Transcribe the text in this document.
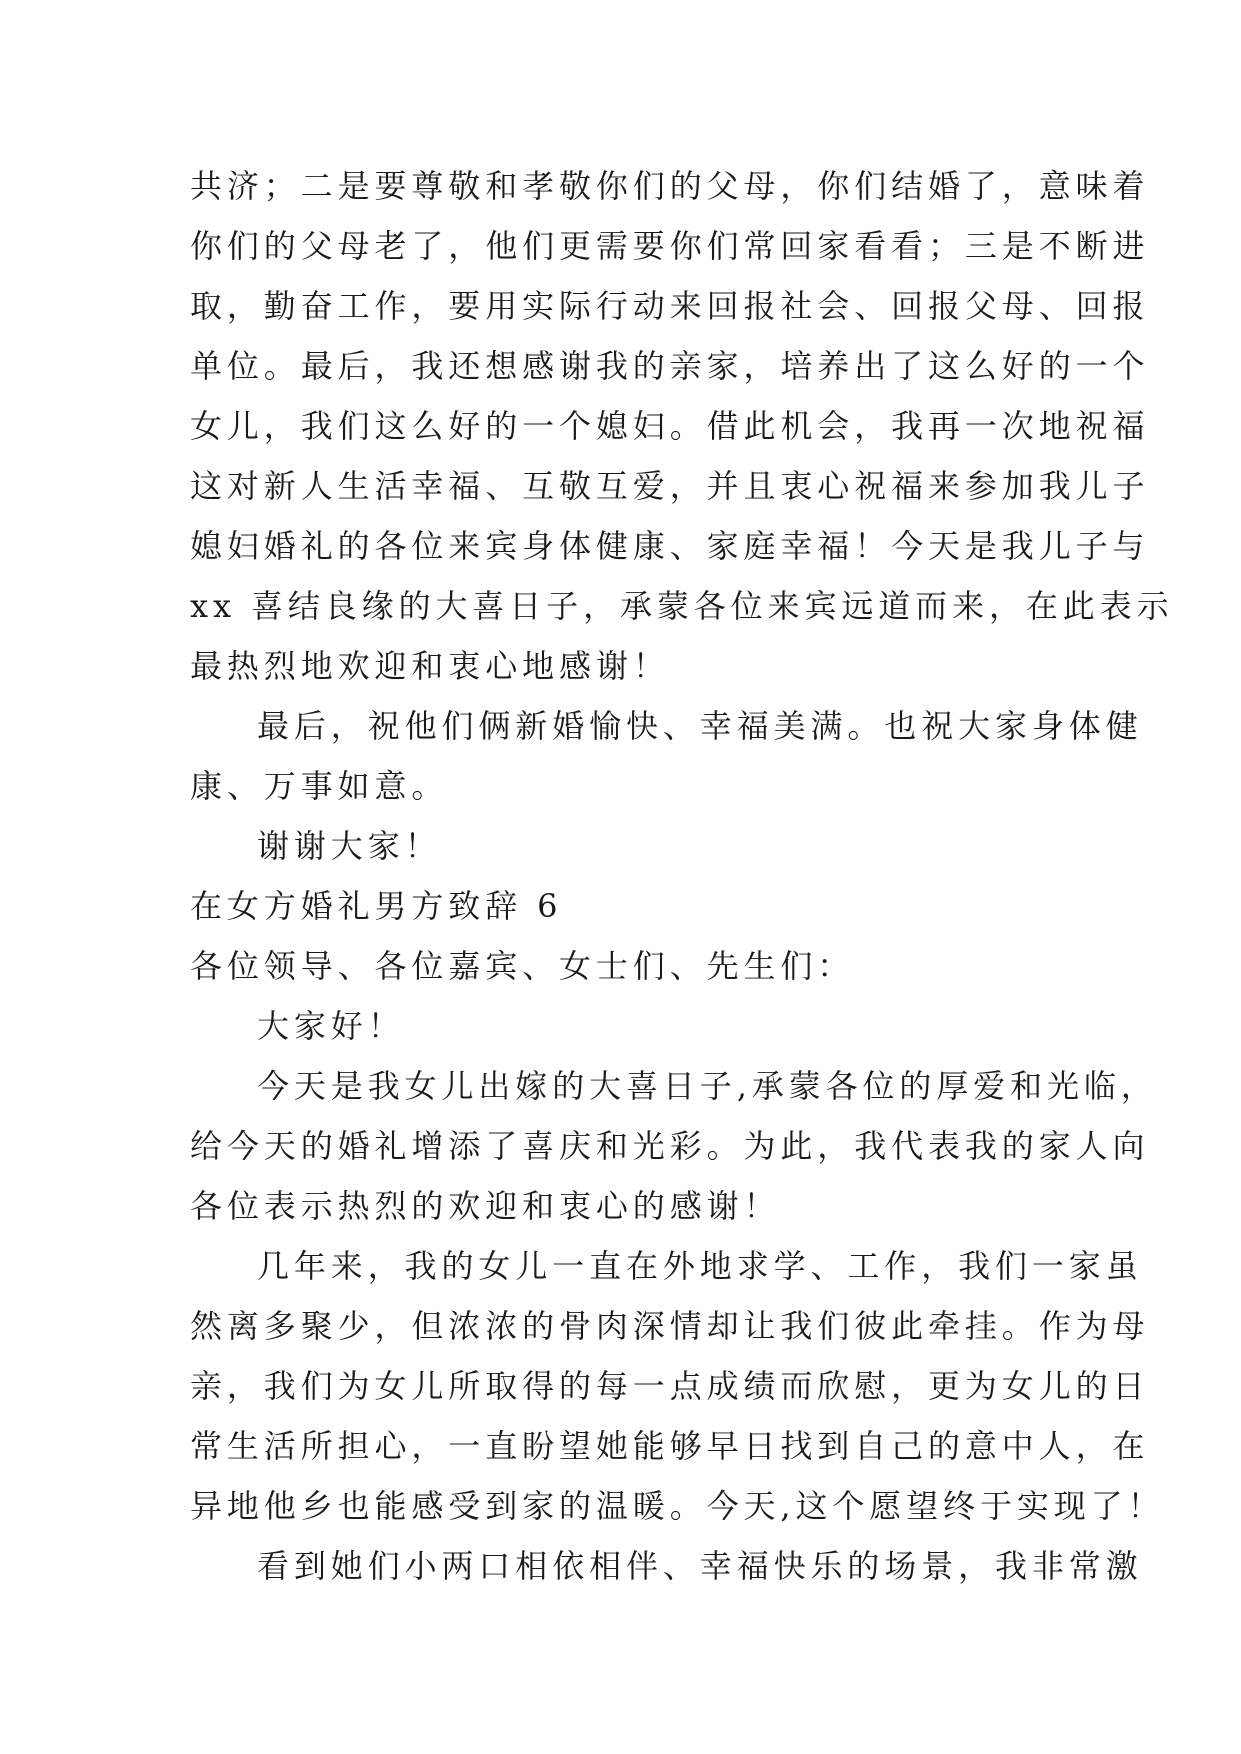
共济；二是要尊敬和孝敬你们的父母，你们结婚了，意味着
你们的父母老了，他们更需要你们常回家看看；三是不断进
取，勤奋工作，要用实际行动来回报社会、回报父母、回报
单位。最后，我还想感谢我的亲家，培养出了这么好的一个
女儿，我们这么好的一个媳妇。借此机会，我再一次地祝福
这对新人生活幸福、互敬互爱，并且衷心祝福来参加我儿子
媳妇婚礼的各位来宾身体健康、家庭幸福！今天是我儿子与
xx 喜结良缘的大喜日子，承蒙各位来宾远道而来，在此表示
最热烈地欢迎和衷心地感谢！
最后，祝他们俩新婚愉快、幸福美满。也祝大家身体健
康、万事如意。
谢谢大家！
在女方婚礼男方致辞 6
各位领导、各位嘉宾、女士们、先生们：
大家好！
今天是我女儿出嫁的大喜日子,承蒙各位的厚爱和光临，
给今天的婚礼增添了喜庆和光彩。为此，我代表我的家人向
各位表示热烈的欢迎和衷心的感谢！
几年来，我的女儿一直在外地求学、工作，我们一家虽
然离多聚少，但浓浓的骨肉深情却让我们彼此牵挂。作为母
亲，我们为女儿所取得的每一点成绩而欣慰，更为女儿的日
常生活所担心，一直盼望她能够早日找到自己的意中人，在
异地他乡也能感受到家的温暖。今天,这个愿望终于实现了！
看到她们小两口相依相伴、幸福快乐的场景，我非常激
